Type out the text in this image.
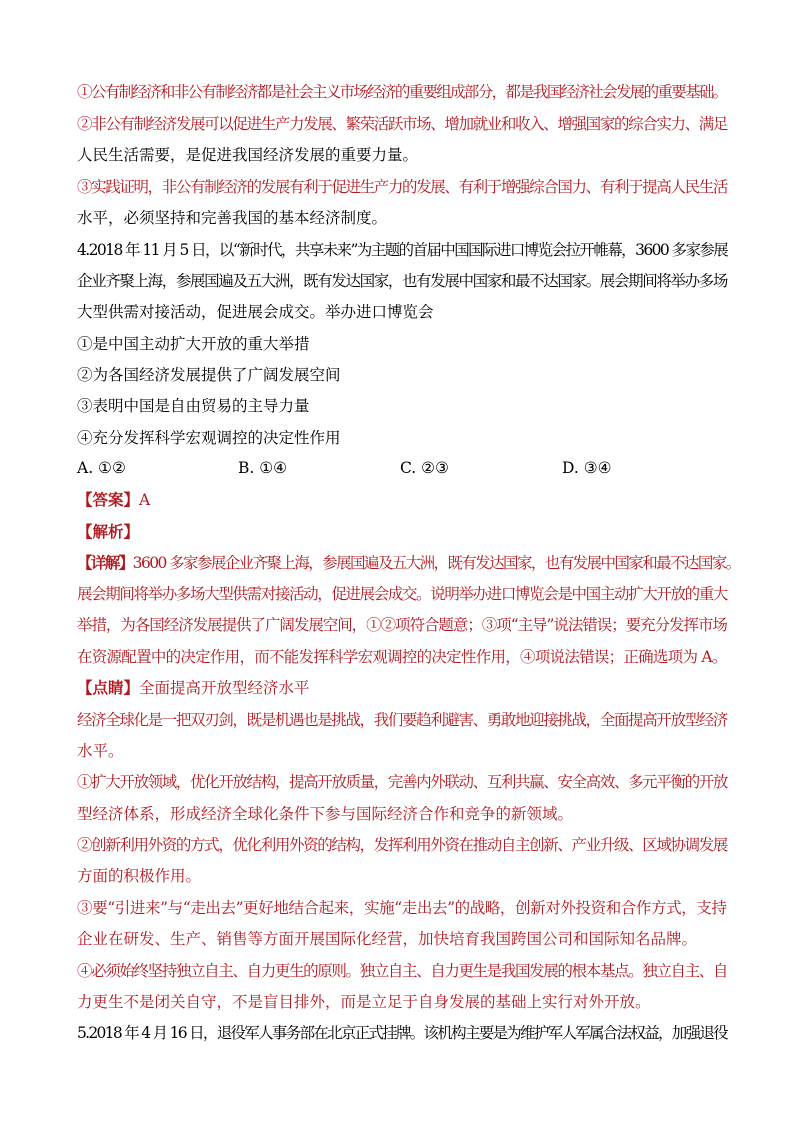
①公有制经济和非公有制经济都是社会主义市场经济的重要组成部分，都是我国经济社会发展的重要基础。
②非公有制经济发展可以促进生产力发展、繁荣活跃市场、增加就业和收入、增强国家的综合实力、满足
人民生活需要，是促进我国经济发展的重要力量。
③实践证明，非公有制经济的发展有利于促进生产力的发展、有利于增强综合国力、有利于提高人民生活
水平，必须坚持和完善我国的基本经济制度。
4.2018 年 11 月 5 日，以“新时代，共享未来”为主题的首届中国国际进口博览会拉开帷幕，3600 多家参展
企业齐聚上海，参展国遍及五大洲，既有发达国家，也有发展中国家和最不达国家。展会期间将举办多场
大型供需对接活动，促进展会成交。举办进口博览会
①是中国主动扩大开放的重大举措
②为各国经济发展提供了广阔发展空间
③表明中国是自由贸易的主导力量
④充分发挥科学宏观调控的决定性作用
A. ①②	B. ①④	C. ②③	D. ③④
【答案】A
【解析】
【详解】3600 多家参展企业齐聚上海，参展国遍及五大洲，既有发达国家，也有发展中国家和最不达国家。
展会期间将举办多场大型供需对接活动，促进展会成交。说明举办进口博览会是中国主动扩大开放的重大
举措，为各国经济发展提供了广阔发展空间，①②项符合题意；③项“主导”说法错误；要充分发挥市场
在资源配置中的决定作用，而不能发挥科学宏观调控的决定性作用，④项说法错误；正确选项为 A。
【点睛】全面提高开放型经济水平
经济全球化是一把双刃剑，既是机遇也是挑战，我们要趋利避害、勇敢地迎接挑战，全面提高开放型经济
水平。
①扩大开放领域，优化开放结构，提高开放质量，完善内外联动、互利共赢、安全高效、多元平衡的开放
型经济体系，形成经济全球化条件下参与国际经济合作和竞争的新领域。
②创新利用外资的方式，优化利用外资的结构，发挥利用外资在推动自主创新、产业升级、区域协调发展
方面的积极作用。
③要“引进来”与“走出去”更好地结合起来，实施“走出去”的战略，创新对外投资和合作方式，支持
企业在研发、生产、销售等方面开展国际化经营，加快培育我国跨国公司和国际知名品牌。
④必须始终坚持独立自主、自力更生的原则。独立自主、自力更生是我国发展的根本基点。独立自主、自
力更生不是闭关自守，不是盲目排外，而是立足于自身发展的基础上实行对外开放。
5.2018 年 4 月 16 日，退役军人事务部在北京正式挂牌。该机构主要是为维护军人军属合法权益，加强退役
